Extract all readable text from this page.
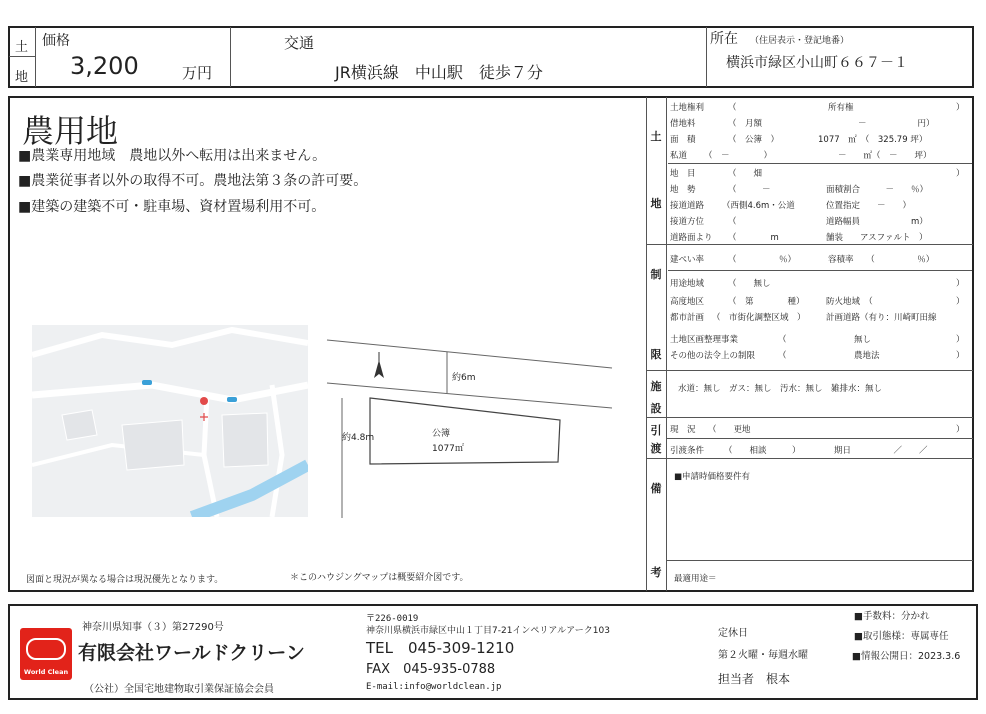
土
地
価格
3,200	万円
交通
JR横浜線　中山駅　徒歩７分
所在 （住居表示・登記地番）
横浜市緑区小山町６６７－１
農用地
■農業専用地域　農地以外へ転用は出来ません。
■農業従事者以外の取得不可。農地法第３条の許可要。
■建築の建築不可・駐車場、資材置場利用不可。
約6m
約4.8m	公簿
1077㎡
図面と現況が異なる場合は現況優先となります。	＊このハウジングマップは概要紹介図です。
土
地
制
限
施
設
引
渡
備
考
土地権利	（	所有権	）
借地料	（　月額	－　　　　　　円）
面　積	（　公簿　）	1077　㎡　（　325.79 坪）
私道 （　－　　　　）	－　　㎡（　－　　坪）
地　目	（　　畑	）
地　勢	（　　　－	面積割合　　　－　　％）
接道道路 （西側4.6m・公道	位置指定　　－　　）
接道方位	（	道路幅員　　　　　　m）
道路面より （　　　　m	舗装　　アスファルト　）
建ぺい率	（　　　　　％）	容積率　　（　　　　　％）
用途地域	（　　無し	）
高度地区	（　第　　　　種）	防火地域　（	）
都市計画 （　市街化調整区域　） 計画道路（有り：川崎町田線
土地区画整理事業	（	無し	）
その他の法令上の制限	（	農地法	）
水道：無し　ガス：無し　汚水：無し　雑排水：無し
現　況 （　　更地	）
引渡条件 （　　相談　　　）	期日　　　　　／　　／
■申請時価格要件有
最適用途＝
World Clean
神奈川県知事（３）第27290号
有限会社ワールドクリーン
（公社）全国宅地建物取引業保証協会会員
〒226-0019
神奈川県横浜市緑区中山１丁目7-21インペリアルアーク103
TEL　045-309-1210
FAX　045-935-0788
E-mail:info@worldclean.jp
定休日
第２火曜・毎週水曜
担当者　根本
■手数料：分かれ
■取引態様：専属専任
■情報公開日：2023.3.6
